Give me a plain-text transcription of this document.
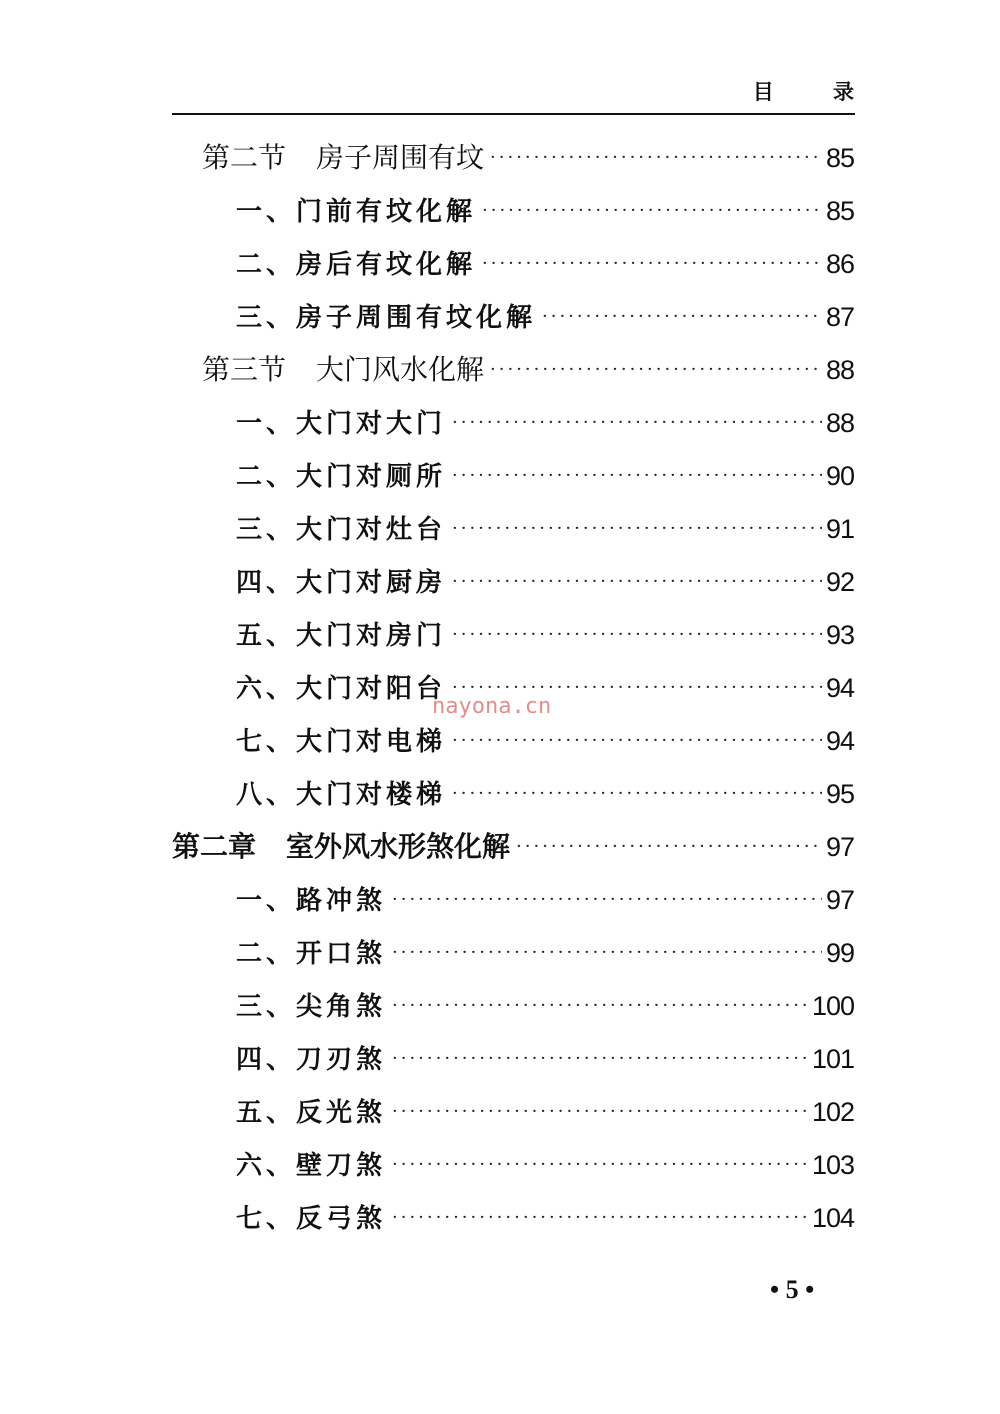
目 录
第二节 房子周围有坟 ·····	85
一、门前有坟化解 ·····	85
二、房后有坟化解 ·····	86
三、房子周围有坟化解 ·····	87
第三节 大门风水化解 ·····	88
一、大门对大门 ·····	88
二、大门对厕所 ·····	90
三、大门对灶台 ·····	91
四、大门对厨房 ·····	92
五、大门对房门 ·····	93
六、大门对阳台 ·····	94
七、大门对电梯 ·····	94
八、大门对楼梯 ·····	95
第二章 室外风水形煞化解 ·····	97
一、路冲煞 ·····	97
二、开口煞 ·····	99
三、尖角煞 ·····	100
四、刀刃煞 ·····	101
五、反光煞 ·····	102
六、壁刀煞 ·····	103
七、反弓煞 ·····	104
nayona.cn
• 5 •
